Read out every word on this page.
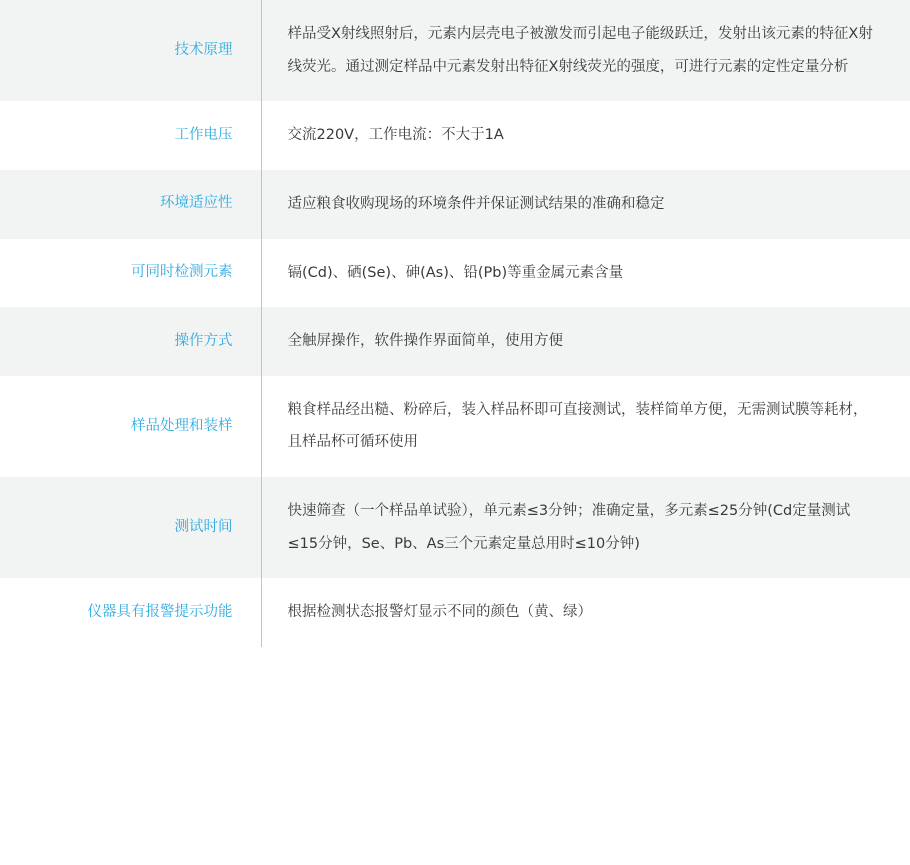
技术原理	样品受X射线照射后，元素内层壳电子被激发而引起电子能级跃迁，发射出该元素的特征X射线荧光。通过测定样品中元素发射出特征X射线荧光的强度，可进行元素的定性定量分析

工作电压	交流220V，工作电流：不大于1A

环境适应性	适应粮食收购现场的环境条件并保证测试结果的准确和稳定

可同时检测元素	镉(Cd)、硒(Se)、砷(As)、铅(Pb)等重金属元素含量

操作方式	全触屏操作，软件操作界面简单，使用方便

样品处理和装样	粮食样品经出糙、粉碎后，装入样品杯即可直接测试，装样简单方便，无需测试膜等耗材，且样品杯可循环使用

测试时间	快速筛查（一个样品单试验），单元素≤3分钟；准确定量，多元素≤25分钟(Cd定量测试≤15分钟，Se、Pb、As三个元素定量总用时≤10分钟)

仪器具有报警提示功能	根据检测状态报警灯显示不同的颜色（黄、绿）
